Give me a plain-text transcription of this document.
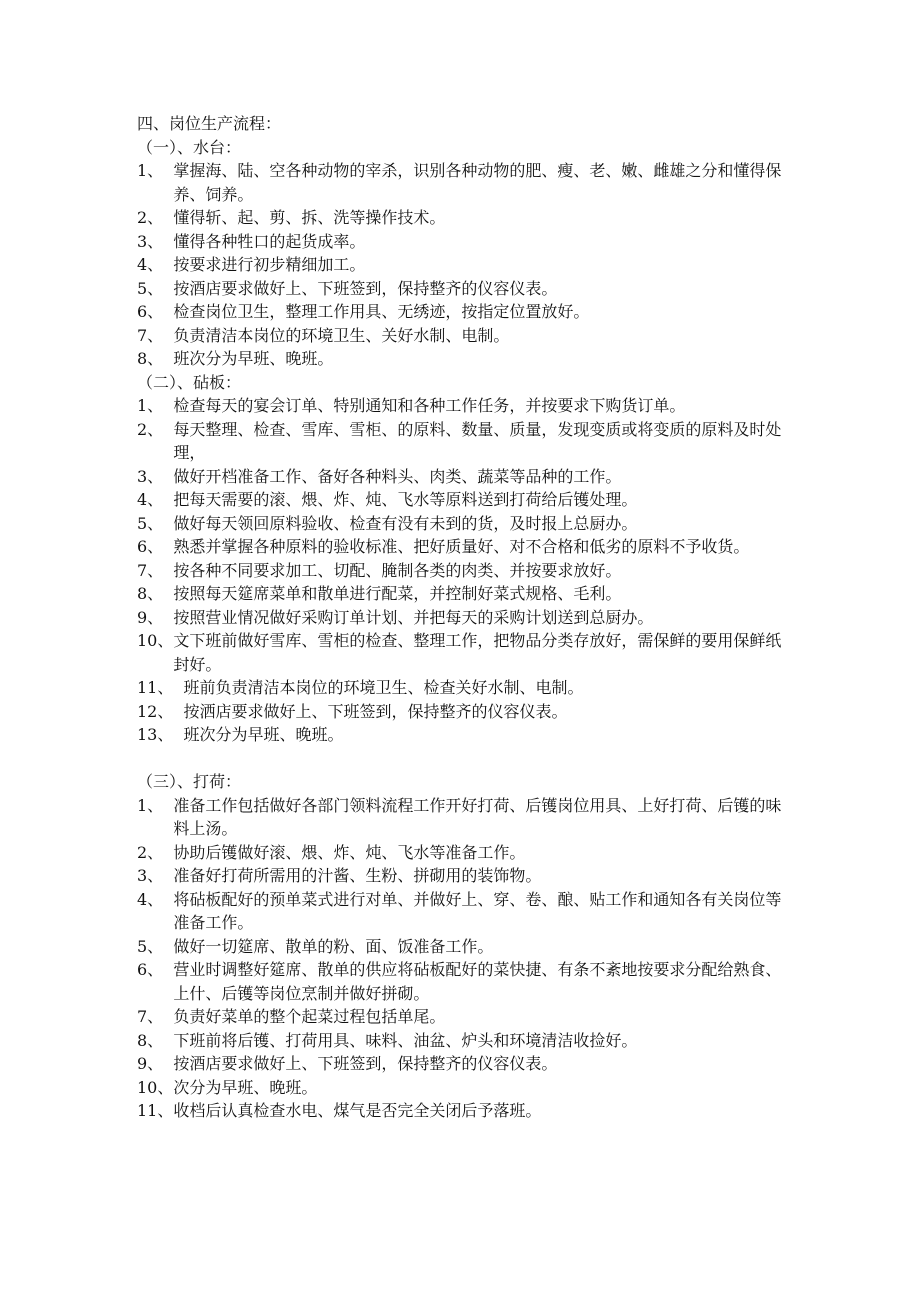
四、岗位生产流程：

（一）、水台：

1、 掌握海、陆、空各种动物的宰杀，识别各种动物的肥、瘦、老、嫩、雌雄之分和懂得保养、饲养。
2、 懂得斩、起、剪、拆、洗等操作技术。
3、 懂得各种牲口的起货成率。
4、 按要求进行初步精细加工。
5、 按酒店要求做好上、下班签到，保持整齐的仪容仪表。
6、 检查岗位卫生，整理工作用具、无绣迹，按指定位置放好。
7、 负责清洁本岗位的环境卫生、关好水制、电制。
8、 班次分为早班、晚班。

（二）、砧板：

1、 检查每天的宴会订单、特别通知和各种工作任务，并按要求下购货订单。
2、 每天整理、检查、雪库、雪柜、的原料、数量、质量，发现变质或将变质的原料及时处理，
3、 做好开档准备工作、备好各种料头、肉类、蔬菜等品种的工作。
4、 把每天需要的滚、煨、炸、炖、飞水等原料送到打荷给后镬处理。
5、 做好每天领回原料验收、检查有没有未到的货，及时报上总厨办。
6、 熟悉并掌握各种原料的验收标准、把好质量好、对不合格和低劣的原料不予收货。
7、 按各种不同要求加工、切配、腌制各类的肉类、并按要求放好。
8、 按照每天筵席菜单和散单进行配菜，并控制好菜式规格、毛利。
9、 按照营业情况做好采购订单计划、并把每天的采购计划送到总厨办。
10、 文下班前做好雪库、雪柜的检查、整理工作，把物品分类存放好，需保鲜的要用保鲜纸封好。
11、 班前负责清洁本岗位的环境卫生、检查关好水制、电制。
12、 按洒店要求做好上、下班签到，保持整齐的仪容仪表。
13、 班次分为早班、晚班。

（三）、打荷：

1、 准备工作包括做好各部门领料流程工作开好打荷、后镬岗位用具、上好打荷、后镬的味料上汤。
2、 协助后镬做好滚、煨、炸、炖、飞水等准备工作。
3、 准备好打荷所需用的汁酱、生粉、拼砌用的装饰物。
4、 将砧板配好的预单菜式进行对单、并做好上、穿、卷、酿、贴工作和通知各有关岗位等准备工作。
5、 做好一切筵席、散单的粉、面、饭准备工作。
6、 营业时调整好筵席、散单的供应将砧板配好的菜快捷、有条不紊地按要求分配给熟食、上什、后镬等岗位烹制并做好拼砌。
7、 负责好菜单的整个起菜过程包括单尾。
8、 下班前将后镬、打荷用具、味料、油盆、炉头和环境清洁收捡好。
9、 按酒店要求做好上、下班签到，保持整齐的仪容仪表。
10、 次分为早班、晚班。
11、 收档后认真检查水电、煤气是否完全关闭后予落班。
